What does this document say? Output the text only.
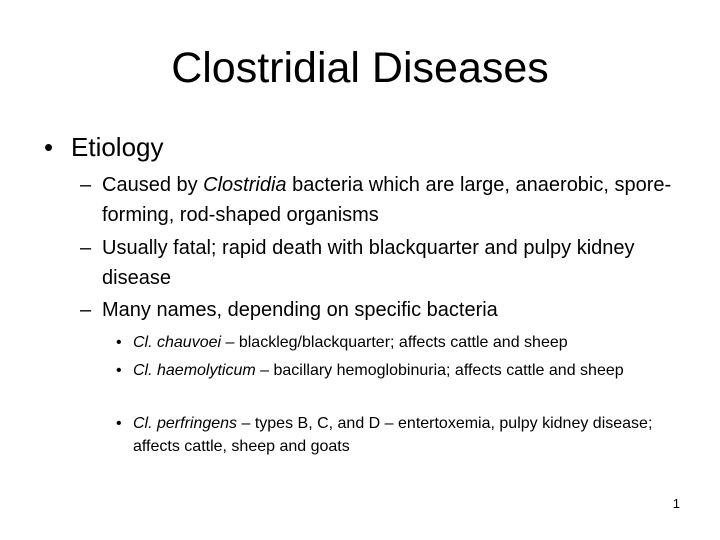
Clostridial Diseases
• Etiology
– Caused by Clostridia bacteria which are large, anaerobic, spore-forming, rod-shaped organisms
– Usually fatal; rapid death with blackquarter and pulpy kidney disease
– Many names, depending on specific bacteria
• Cl. chauvoei – blackleg/blackquarter; affects cattle and sheep
• Cl. haemolyticum – bacillary hemoglobinuria; affects cattle and sheep
• Cl. perfringens – types B, C, and D – entertoxemia, pulpy kidney disease; affects cattle, sheep and goats
1
